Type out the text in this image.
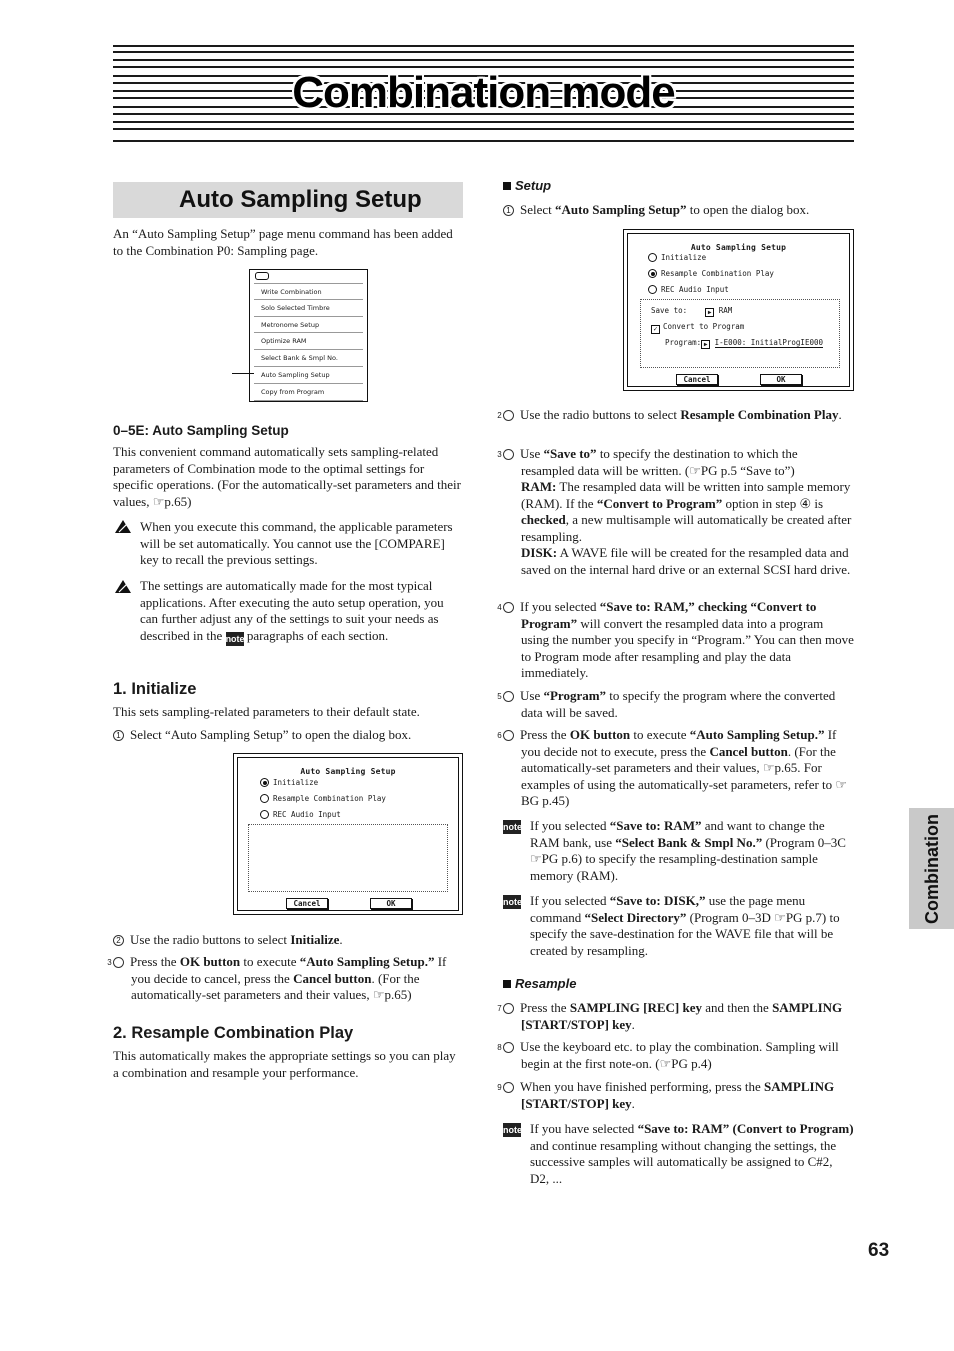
Combination mode
Auto Sampling Setup
An “Auto Sampling Setup” page menu command has been added to the Combination P0: Sampling page.
Write Combination
Solo Selected Timbre
Metronome Setup
Optimize RAM
Select Bank & Smpl No.
Auto Sampling Setup
Copy from Program
0–5E: Auto Sampling Setup
This convenient command automatically sets sampling-related parameters of Combination mode to the optimal settings for specific operations. (For the automatically-set parameters and their values, ☞p.65)
When you execute this command, the applicable parameters will be set automatically. You cannot use the [COMPARE] key to recall the previous settings.
The settings are automatically made for the most typical applications. After executing the auto setup operation, you can further adjust any of the settings to suit your needs as described in the note paragraphs of each section.
1. Initialize
This sets sampling-related parameters to their default state.
1 Select “Auto Sampling Setup” to open the dialog box.
Auto Sampling Setup
Initialize
Resample Combination Play
REC Audio Input
Cancel	OK
2 Use the radio buttons to select Initialize.
3 Press the OK button to execute “Auto Sampling Setup.” If you decide to cancel, press the Cancel button. (For the automatically-set parameters and their values, ☞p.65)
2. Resample Combination Play
This automatically makes the appropriate settings so you can play a combination and resample your performance.
Setup
1 Select “Auto Sampling Setup” to open the dialog box.
Auto Sampling Setup
Initialize
Resample Combination Play
REC Audio Input
Save to:	▶ RAM
✓ Convert to Program
Program: ▶ I-E000: InitialProgIE000
Cancel	OK
2 Use the radio buttons to select Resample Combination Play.
3 Use “Save to” to specify the destination to which the resampled data will be written. (☞PG p.5 “Save to”)
RAM: The resampled data will be written into sample memory (RAM). If the “Convert to Program” option in step ④ is checked, a new multisample will automatically be created after resampling.
DISK: A WAVE file will be created for the resampled data and saved on the internal hard drive or an external SCSI hard drive.
4 If you selected “Save to: RAM,” checking “Convert to Program” will convert the resampled data into a program using the number you specify in “Program.” You can then move to Program mode after resampling and play the data immediately.
5 Use “Program” to specify the program where the converted data will be saved.
6 Press the OK button to execute “Auto Sampling Setup.” If you decide not to execute, press the Cancel button. (For the automatically-set parameters and their values, ☞p.65. For examples of using the automatically-set parameters, refer to ☞BG p.45)
note If you selected “Save to: RAM” and want to change the RAM bank, use “Select Bank & Smpl No.” (Program 0–3C ☞PG p.6) to specify the resampling-destination sample memory (RAM).
note If you selected “Save to: DISK,” use the page menu command “Select Directory” (Program 0–3D ☞PG p.7) to specify the save-destination for the WAVE file that will be created by resampling.
Resample
7 Press the SAMPLING [REC] key and then the SAMPLING [START/STOP] key.
8 Use the keyboard etc. to play the combination. Sampling will begin at the first note-on. (☞PG p.4)
9 When you have finished performing, press the SAMPLING [START/STOP] key.
note If you have selected “Save to: RAM” (Convert to Program) and continue resampling without changing the settings, the successive samples will automatically be assigned to C#2, D2, ...
Combination
63
